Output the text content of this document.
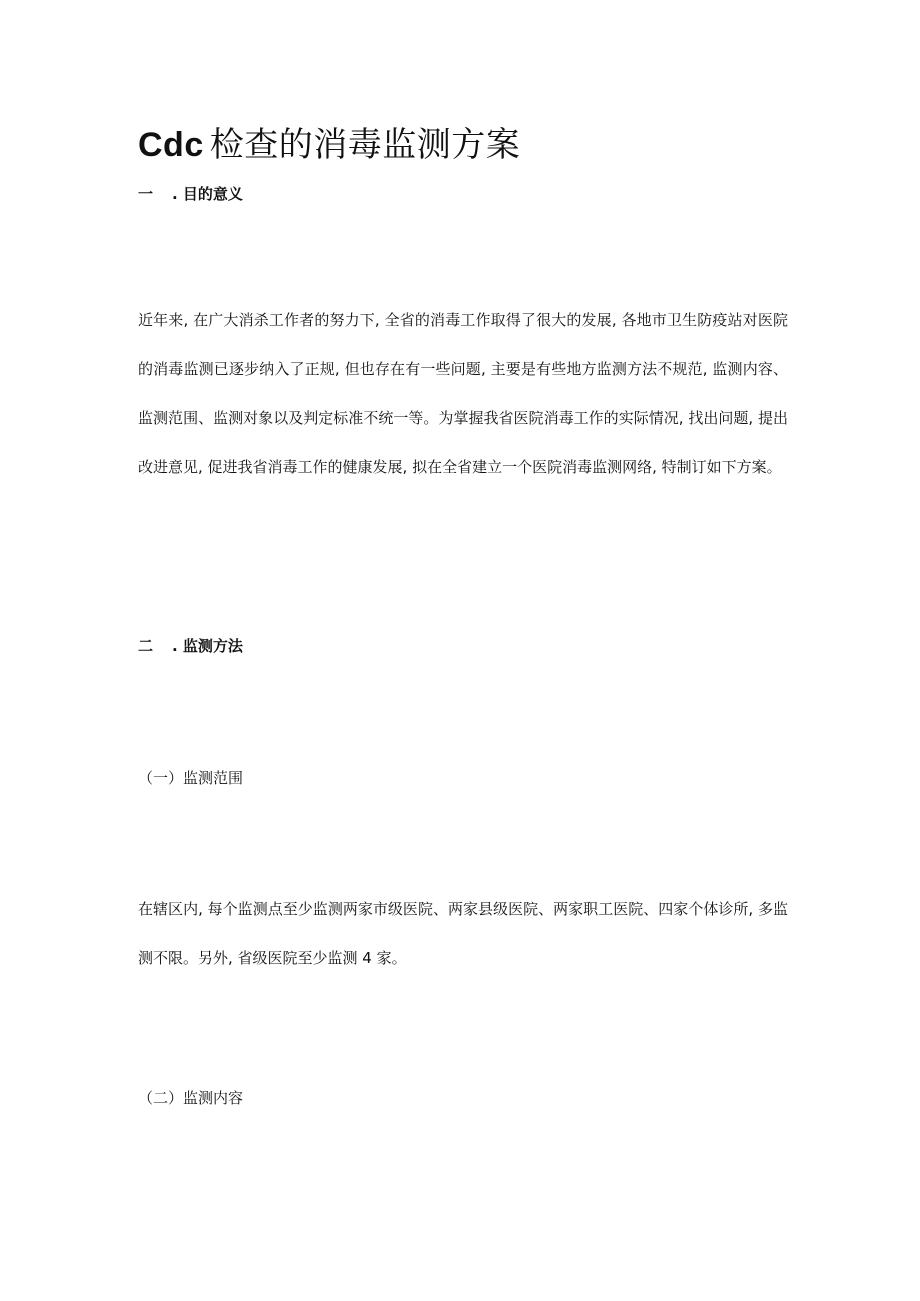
Cdc 检查的消毒监测方案
一 . 目的意义

近年来, 在广大消杀工作者的努力下, 全省的消毒工作取得了很大的发展, 各地市卫生防疫站对医院的消毒监测已逐步纳入了正规, 但也存在有一些问题, 主要是有些地方监测方法不规范, 监测内容、监测范围、监测对象以及判定标准不统一等。为掌握我省医院消毒工作的实际情况, 找出问题, 提出改进意见, 促进我省消毒工作的健康发展, 拟在全省建立一个医院消毒监测网络, 特制订如下方案。

二 . 监测方法
（一）监测范围

在辖区内, 每个监测点至少监测两家市级医院、两家县级医院、两家职工医院、四家个体诊所, 多监测不限。另外, 省级医院至少监测 4 家。

（二）监测内容
